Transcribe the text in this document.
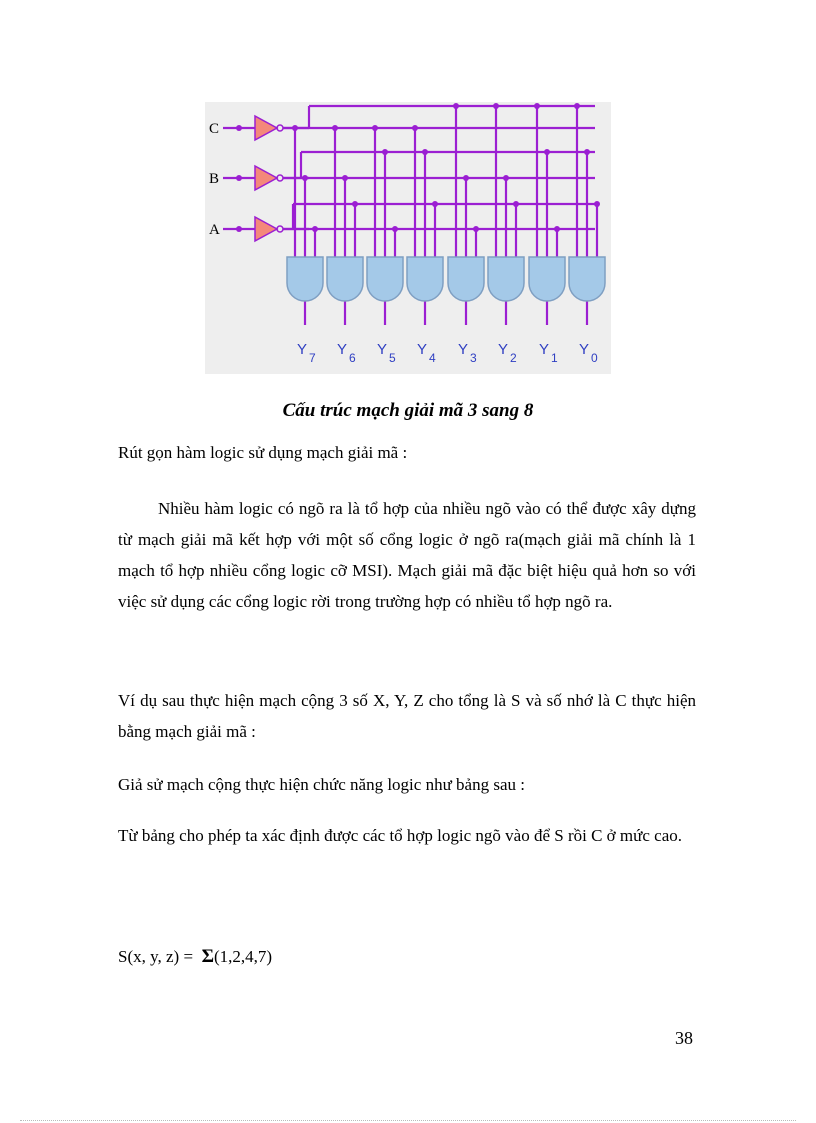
C
B
A
Y $_7$ Y $_6$ Y $_5$ Y $_4$ Y $_3$ Y $_2$ Y $_1$ Y $_0$
Cấu trúc mạch giải mã 3 sang 8

Rút gọn hàm logic sử dụng mạch giải mã :

Nhiều hàm logic có ngõ ra là tổ hợp của nhiều ngõ vào có thể được xây dựng từ mạch giải mã kết hợp với một số cổng logic ở ngõ ra(mạch giải mã chính là 1 mạch tổ hợp nhiều cổng logic cỡ MSI). Mạch giải mã đặc biệt hiệu quả hơn so với việc sử dụng các cổng logic rời trong trường hợp có nhiều tổ hợp ngõ ra.

Ví dụ sau thực hiện mạch cộng 3 số X, Y, Z cho tổng là S và số nhớ là C thực hiện bằng mạch giải mã :

Giả sử mạch cộng thực hiện chức năng logic như bảng sau :

Từ bảng cho phép ta xác định được các tổ hợp logic ngõ vào để S rồi C ở mức cao.

S(x, y, z) =  Σ(1,2,4,7)
38
